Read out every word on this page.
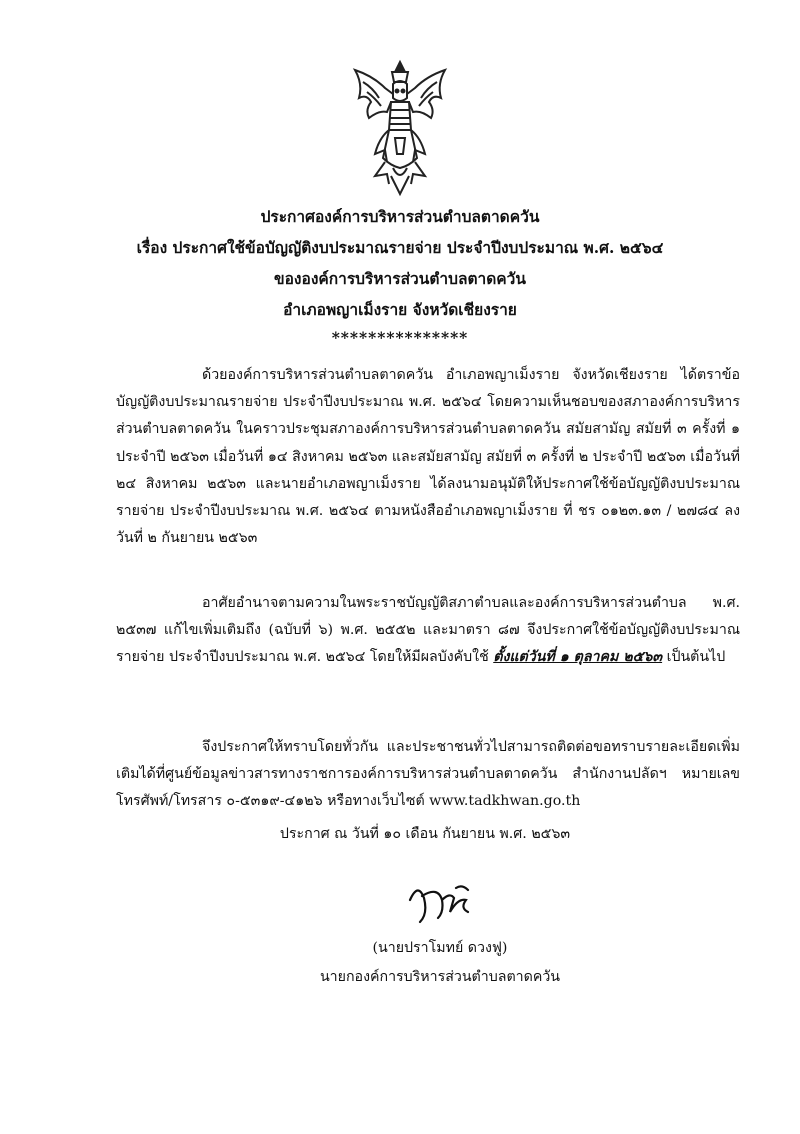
ประกาศองค์การบริหารส่วนตำบลตาดควัน
เรื่อง ประกาศใช้ข้อบัญญัติงบประมาณรายจ่าย ประจำปีงบประมาณ พ.ศ. ๒๕๖๔
ขององค์การบริหารส่วนตำบลตาดควัน
อำเภอพญาเม็งราย จังหวัดเชียงราย
***************

ด้วยองค์การบริหารส่วนตำบลตาดควัน อำเภอพญาเม็งราย จังหวัดเชียงราย ได้ตราข้อบัญญัติงบประมาณรายจ่าย ประจำปีงบประมาณ พ.ศ. ๒๕๖๔ โดยความเห็นชอบของสภาองค์การบริหารส่วนตำบลตาดควัน ในคราวประชุมสภาองค์การบริหารส่วนตำบลตาดควัน สมัยสามัญ สมัยที่ ๓ ครั้งที่ ๑ ประจำปี ๒๕๖๓ เมื่อวันที่ ๑๔ สิงหาคม ๒๕๖๓ และสมัยสามัญ สมัยที่ ๓ ครั้งที่ ๒ ประจำปี ๒๕๖๓ เมื่อวันที่ ๒๔ สิงหาคม ๒๕๖๓ และนายอำเภอพญาเม็งราย ได้ลงนามอนุมัติให้ประกาศใช้ข้อบัญญัติงบประมาณรายจ่าย ประจำปีงบประมาณ พ.ศ. ๒๕๖๔ ตามหนังสืออำเภอพญาเม็งราย ที่ ชร ๐๑๒๓.๑๓ / ๒๗๘๔ ลงวันที่ ๒ กันยายน ๒๕๖๓

อาศัยอำนาจตามความในพระราชบัญญัติสภาตำบลและองค์การบริหารส่วนตำบล พ.ศ. ๒๕๓๗ แก้ไขเพิ่มเติมถึง (ฉบับที่ ๖) พ.ศ. ๒๕๕๒ และมาตรา ๘๗ จึงประกาศใช้ข้อบัญญัติงบประมาณรายจ่าย ประจำปีงบประมาณ พ.ศ. ๒๕๖๔ โดยให้มีผลบังคับใช้ ตั้งแต่วันที่ ๑ ตุลาคม ๒๕๖๓ เป็นต้นไป

จึงประกาศให้ทราบโดยทั่วกัน และประชาชนทั่วไปสามารถติดต่อขอทราบรายละเอียดเพิ่มเติมได้ที่ศูนย์ข้อมูลข่าวสารทางราชการองค์การบริหารส่วนตำบลตาดควัน สำนักงานปลัดฯ หมายเลขโทรศัพท์/โทรสาร ๐-๕๓๑๙-๔๑๒๖ หรือทางเว็บไซต์ www.tadkhwan.go.th

ประกาศ ณ วันที่ ๑๐ เดือน กันยายน พ.ศ. ๒๕๖๓
(นายปราโมทย์ ดวงฟู)
นายกองค์การบริหารส่วนตำบลตาดควัน
